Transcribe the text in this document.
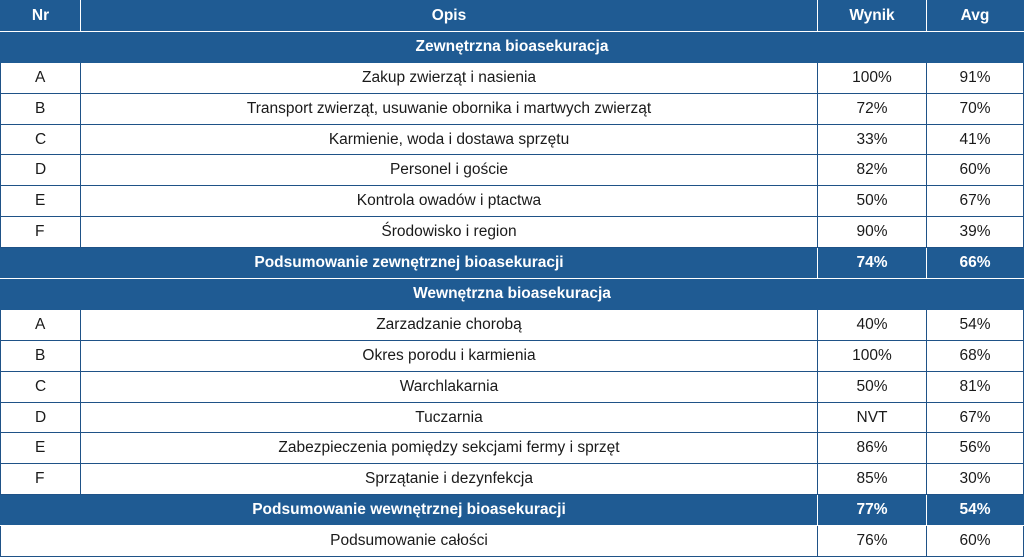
Nr	Opis	Wynik	Avg
Zewnętrzna bioasekuracja			
A	Zakup zwierząt i nasienia	100%	91%
B	Transport zwierząt, usuwanie obornika i martwych zwierząt	72%	70%
C	Karmienie, woda i dostawa sprzętu	33%	41%
D	Personel i goście	82%	60%
E	Kontrola owadów i ptactwa	50%	67%
F	Środowisko i region	90%	39%
Podsumowanie zewnętrznej bioasekuracji		74%	66%
Wewnętrzna bioasekuracja			
A	Zarzadzanie chorobą	40%	54%
B	Okres porodu i karmienia	100%	68%
C	Warchlakarnia	50%	81%
D	Tuczarnia	NVT	67%
E	Zabezpieczenia pomiędzy sekcjami fermy i sprzęt	86%	56%
F	Sprzątanie i dezynfekcja	85%	30%
Podsumowanie wewnętrznej bioasekuracji		77%	54%
Podsumowanie całości		76%	60%
